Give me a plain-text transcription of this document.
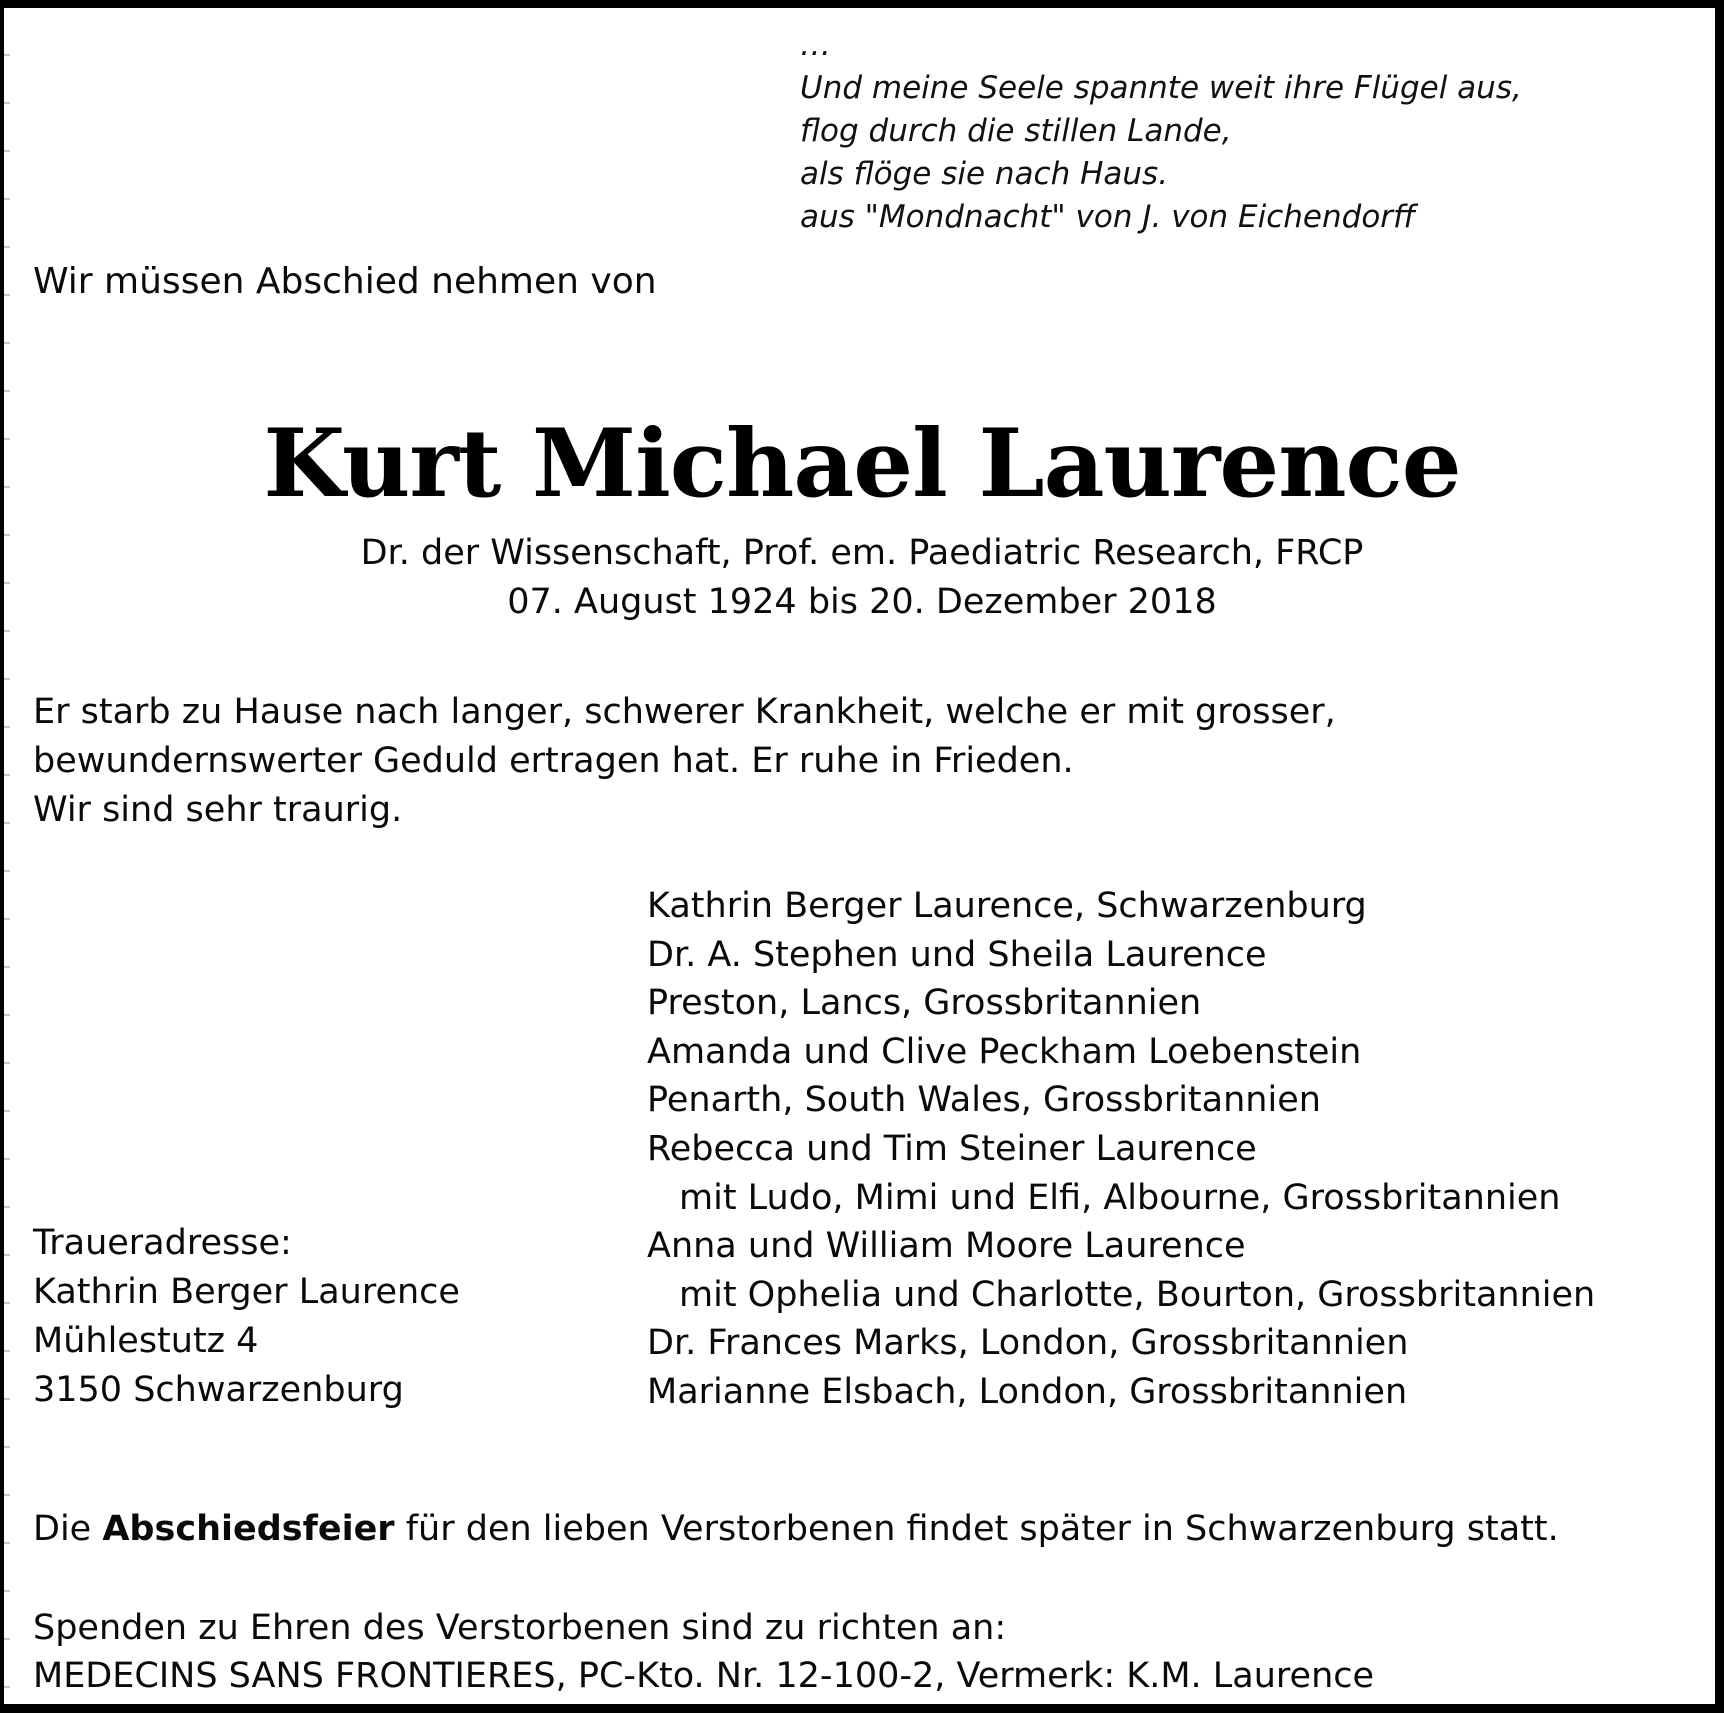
…
Und meine Seele spannte weit ihre Flügel aus,
flog durch die stillen Lande,
als flöge sie nach Haus.
aus "Mondnacht" von J. von Eichendorff
Wir müssen Abschied nehmen von
Kurt Michael Laurence
Dr. der Wissenschaft, Prof. em. Paediatric Research, FRCP
07. August 1924 bis 20. Dezember 2018
Er starb zu Hause nach langer, schwerer Krankheit, welche er mit grosser,
bewundernswerter Geduld ertragen hat. Er ruhe in Frieden.
Wir sind sehr traurig.
Kathrin Berger Laurence, Schwarzenburg
Dr. A. Stephen und Sheila Laurence
Preston, Lancs, Grossbritannien
Amanda und Clive Peckham Loebenstein
Penarth, South Wales, Grossbritannien
Rebecca und Tim Steiner Laurence
mit Ludo, Mimi und Elfi, Albourne, Grossbritannien
Anna und William Moore Laurence
mit Ophelia und Charlotte, Bourton, Grossbritannien
Dr. Frances Marks, London, Grossbritannien
Marianne Elsbach, London, Grossbritannien
Traueradresse:
Kathrin Berger Laurence
Mühlestutz 4
3150 Schwarzenburg
Die Abschiedsfeier für den lieben Verstorbenen findet später in Schwarzenburg statt.
Spenden zu Ehren des Verstorbenen sind zu richten an:
MEDECINS SANS FRONTIERES, PC-Kto. Nr. 12-100-2, Vermerk: K.M. Laurence
